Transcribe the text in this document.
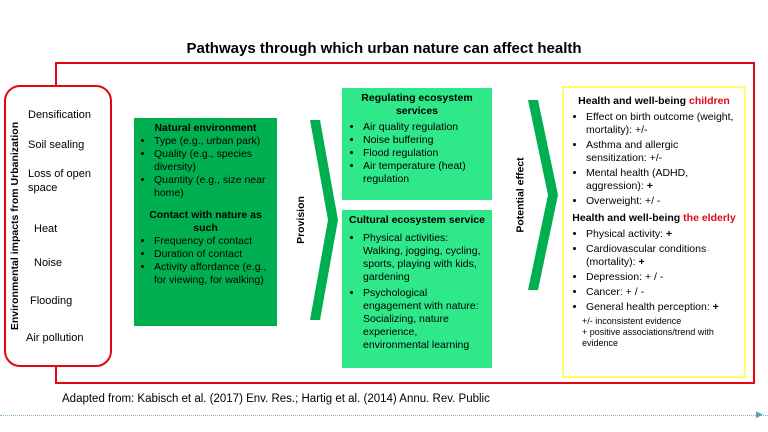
Pathways through which urban nature can affect health
Environmental impacts from Urbanization
Densification
Soil sealing
Loss of open space
Heat
Noise
Flooding
Air pollution
Natural environment
• Type (e.g., urban park)
• Quality (e.g., species diversity)
• Quantity (e.g., size near home)
Contact with nature as such
• Frequency of contact
• Duration of contact
• Activity affordance (e.g., for viewing, for walking)
Provision
Regulating ecosystem services
• Air quality regulation
• Noise buffering
• Flood regulation
• Air temperature (heat) regulation
Cultural ecosystem service
• Physical activities: Walking, jogging, cycling, sports, playing with kids, gardening
• Psychological engagement with nature: Socializing, nature experience, environmental learning
Potential effect
Health and well-being children
• Effect on birth outcome (weight, mortality): +/-
• Asthma and allergic sensitization: +/-
• Mental health (ADHD, aggression): +
• Overweight: +/ -
Health and well-being the elderly
• Physical activity: +
• Cardiovascular conditions (mortality): +
• Depression: + / -
• Cancer: + / -
• General health perception: +
+/- inconsistent evidence
+ positive associations/trend with evidence
Adapted from: Kabisch et al. (2017) Env. Res.; Hartig et al. (2014) Annu. Rev. Public
▶
